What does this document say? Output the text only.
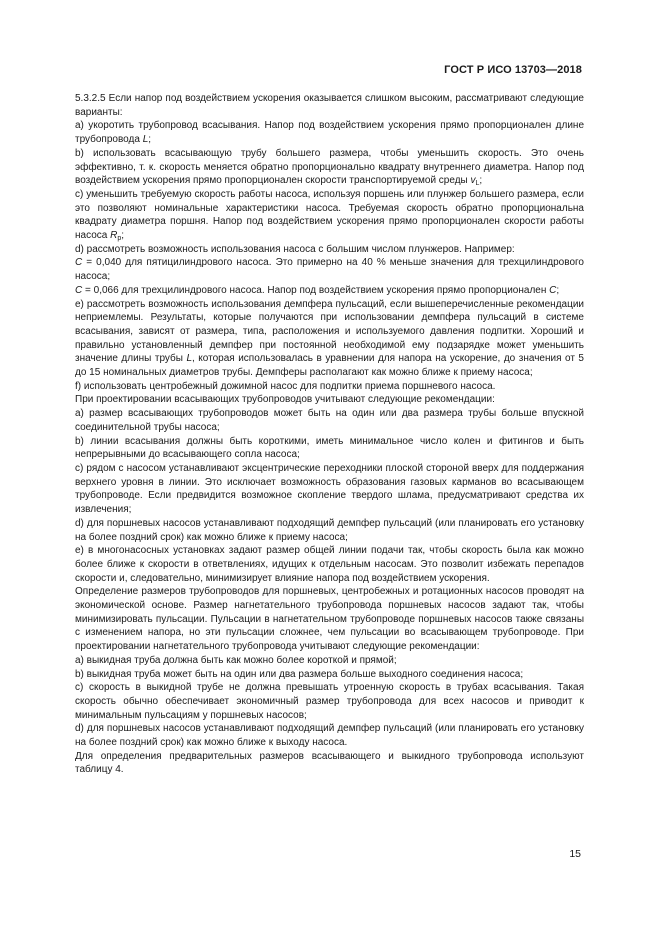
ГОСТ Р ИСО 13703—2018

5.3.2.5 Если напор под воздействием ускорения оказывается слишком высоким, рассматривают следующие варианты:

а) укоротить трубопровод всасывания. Напор под воздействием ускорения прямо пропорционален длине трубопровода L;

b) использовать всасывающую трубу большего размера, чтобы уменьшить скорость. Это очень эффективно, т. к. скорость меняется обратно пропорционально квадрату внутреннего диаметра. Напор под воздействием ускорения прямо пропорционален скорости транспортируемой среды $v_L$;

c) уменьшить требуемую скорость работы насоса, используя поршень или плунжер большего размера, если это позволяют номинальные характеристики насоса. Требуемая скорость обратно пропорциональна квадрату диаметра поршня. Напор под воздействием ускорения прямо пропорционален скорости работы насоса $R_p$;

d) рассмотреть возможность использования насоса с большим числом плунжеров. Например:

C = 0,040 для пятицилиндрового насоса. Это примерно на 40 % меньше значения для трехцилиндрового насоса;

C = 0,066 для трехцилиндрового насоса. Напор под воздействием ускорения прямо пропорционален C;

е) рассмотреть возможность использования демпфера пульсаций, если вышеперечисленные рекомендации неприемлемы. Результаты, которые получаются при использовании демпфера пульсаций в системе всасывания, зависят от размера, типа, расположения и используемого давления подпитки. Хороший и правильно установленный демпфер при постоянной необходимой ему подзарядке может уменьшить значение длины трубы L, которая использовалась в уравнении для напора на ускорение, до значения от 5 до 15 номинальных диаметров трубы. Демпферы располагают как можно ближе к приему насоса;

f) использовать центробежный дожимной насос для подпитки приема поршневого насоса.

При проектировании всасывающих трубопроводов учитывают следующие рекомендации:

а) размер всасывающих трубопроводов может быть на один или два размера трубы больше впускной соединительной трубы насоса;

b) линии всасывания должны быть короткими, иметь минимальное число колен и фитингов и быть непрерывными до всасывающего сопла насоса;

c) рядом с насосом устанавливают эксцентрические переходники плоской стороной вверх для поддержания верхнего уровня в линии. Это исключает возможность образования газовых карманов во всасывающем трубопроводе. Если предвидится возможное скопление твердого шлама, предусматривают средства их извлечения;

d) для поршневых насосов устанавливают подходящий демпфер пульсаций (или планировать его установку на более поздний срок) как можно ближе к приему насоса;

е) в многонасосных установках задают размер общей линии подачи так, чтобы скорость была как можно более ближе к скорости в ответвлениях, идущих к отдельным насосам. Это позволит избежать перепадов скорости и, следовательно, минимизирует влияние напора под воздействием ускорения.

Определение размеров трубопроводов для поршневых, центробежных и ротационных насосов проводят на экономической основе. Размер нагнетательного трубопровода поршневых насосов задают так, чтобы минимизировать пульсации. Пульсации в нагнетательном трубопроводе поршневых насосов также связаны с изменением напора, но эти пульсации сложнее, чем пульсации во всасывающем трубопроводе. При проектировании нагнетательного трубопровода учитывают следующие рекомендации:

а) выкидная труба должна быть как можно более короткой и прямой;

b) выкидная труба может быть на один или два размера больше выходного соединения насоса;

c) скорость в выкидной трубе не должна превышать утроенную скорость в трубах всасывания. Такая скорость обычно обеспечивает экономичный размер трубопровода для всех насосов и приводит к минимальным пульсациям у поршневых насосов;

d) для поршневых насосов устанавливают подходящий демпфер пульсаций (или планировать его установку на более поздний срок) как можно ближе к выходу насоса.

Для определения предварительных размеров всасывающего и выкидного трубопровода используют таблицу 4.

15
